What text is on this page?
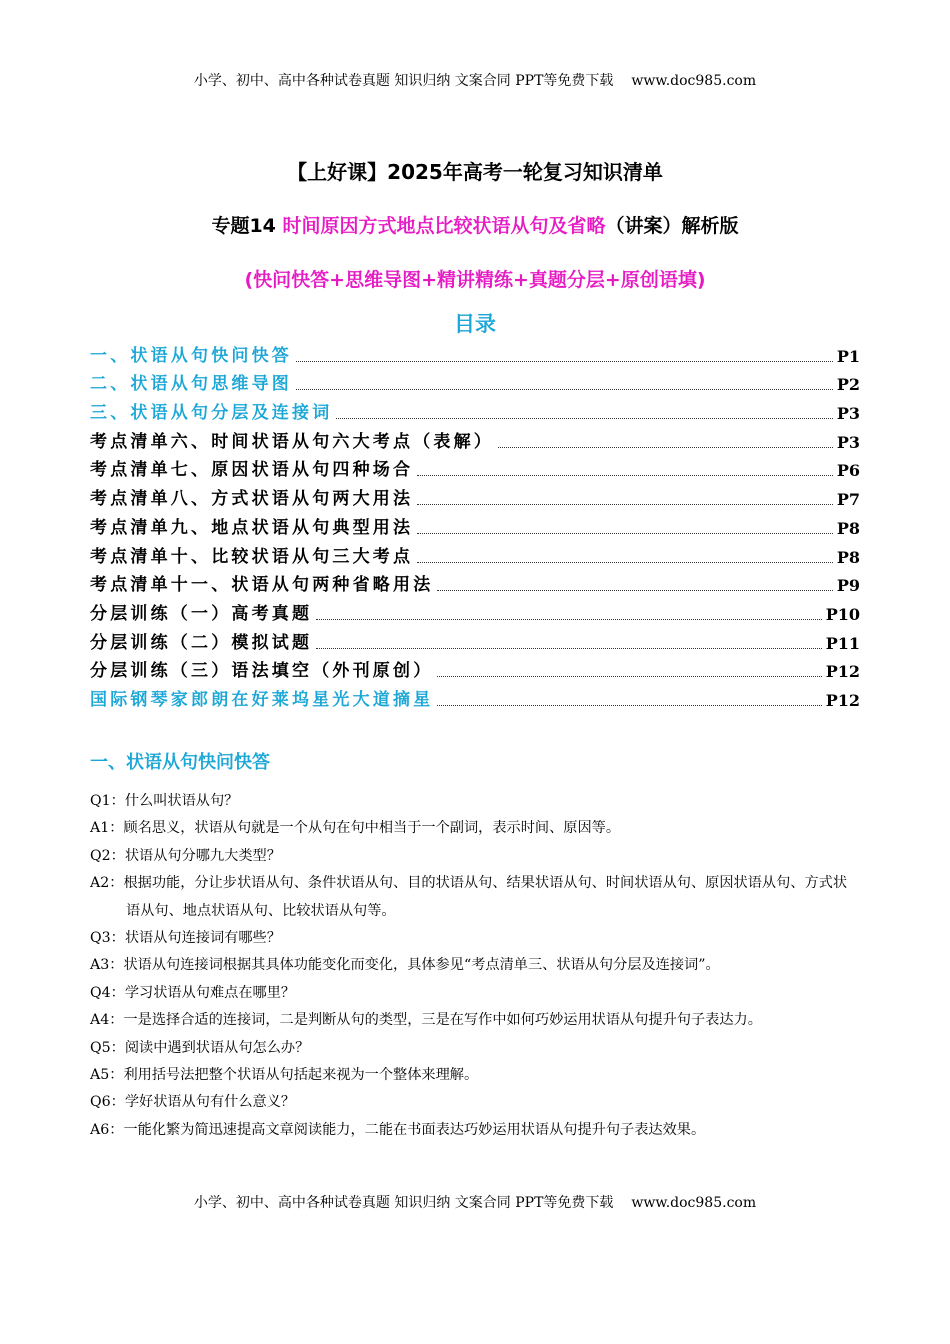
小学、初中、高中各种试卷真题 知识归纳 文案合同 PPT等免费下载 www.doc985.com
【上好课】2025年高考一轮复习知识清单
专题14 时间原因方式地点比较状语从句及省略（讲案）解析版
(快问快答+思维导图+精讲精练+真题分层+原创语填)
目录
一、状语从句快问快答	P1
二、状语从句思维导图	P2
三、状语从句分层及连接词	P3
考点清单六、时间状语从句六大考点（表解）	P3
考点清单七、原因状语从句四种场合	P6
考点清单八、方式状语从句两大用法	P7
考点清单九、地点状语从句典型用法	P8
考点清单十、比较状语从句三大考点	P8
考点清单十一、状语从句两种省略用法	P9
分层训练（一）高考真题	P10
分层训练（二）模拟试题	P11
分层训练（三）语法填空（外刊原创）	P12
国际钢琴家郎朗在好莱坞星光大道摘星	P12
一、状语从句快问快答

Q1：什么叫状语从句？

A1：顾名思义，状语从句就是一个从句在句中相当于一个副词，表示时间、原因等。

Q2：状语从句分哪九大类型？

A2：根据功能，分让步状语从句、条件状语从句、目的状语从句、结果状语从句、时间状语从句、原因状语从句、方式状语从句、地点状语从句、比较状语从句等。

Q3：状语从句连接词有哪些？

A3：状语从句连接词根据其具体功能变化而变化，具体参见“考点清单三、状语从句分层及连接词”。

Q4：学习状语从句难点在哪里？

A4：一是选择合适的连接词，二是判断从句的类型，三是在写作中如何巧妙运用状语从句提升句子表达力。

Q5：阅读中遇到状语从句怎么办？

A5：利用括号法把整个状语从句括起来视为一个整体来理解。

Q6：学好状语从句有什么意义？

A6：一能化繁为简迅速提高文章阅读能力，二能在书面表达巧妙运用状语从句提升句子表达效果。

小学、初中、高中各种试卷真题 知识归纳 文案合同 PPT等免费下载 www.doc985.com
